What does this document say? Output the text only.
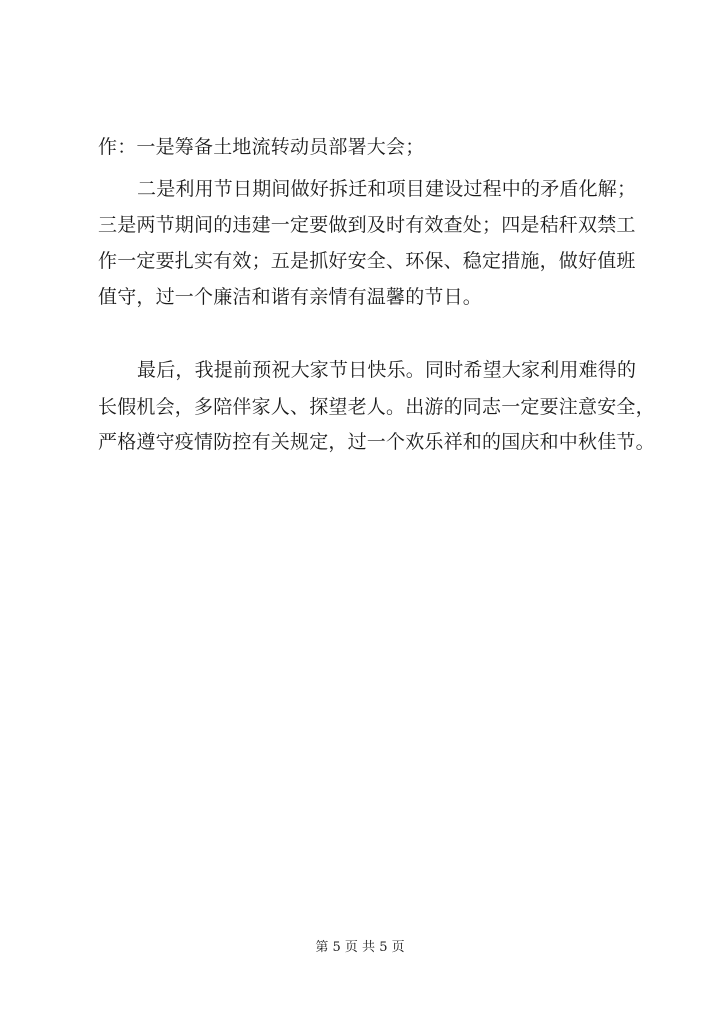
作：一是筹备土地流转动员部署大会；
二是利用节日期间做好拆迁和项目建设过程中的矛盾化解；
三是两节期间的违建一定要做到及时有效查处；四是秸秆双禁工
作一定要扎实有效；五是抓好安全、环保、稳定措施，做好值班
值守，过一个廉洁和谐有亲情有温馨的节日。
最后，我提前预祝大家节日快乐。同时希望大家利用难得的
长假机会，多陪伴家人、探望老人。出游的同志一定要注意安全，
严格遵守疫情防控有关规定，过一个欢乐祥和的国庆和中秋佳节。
第 5 页 共 5 页
